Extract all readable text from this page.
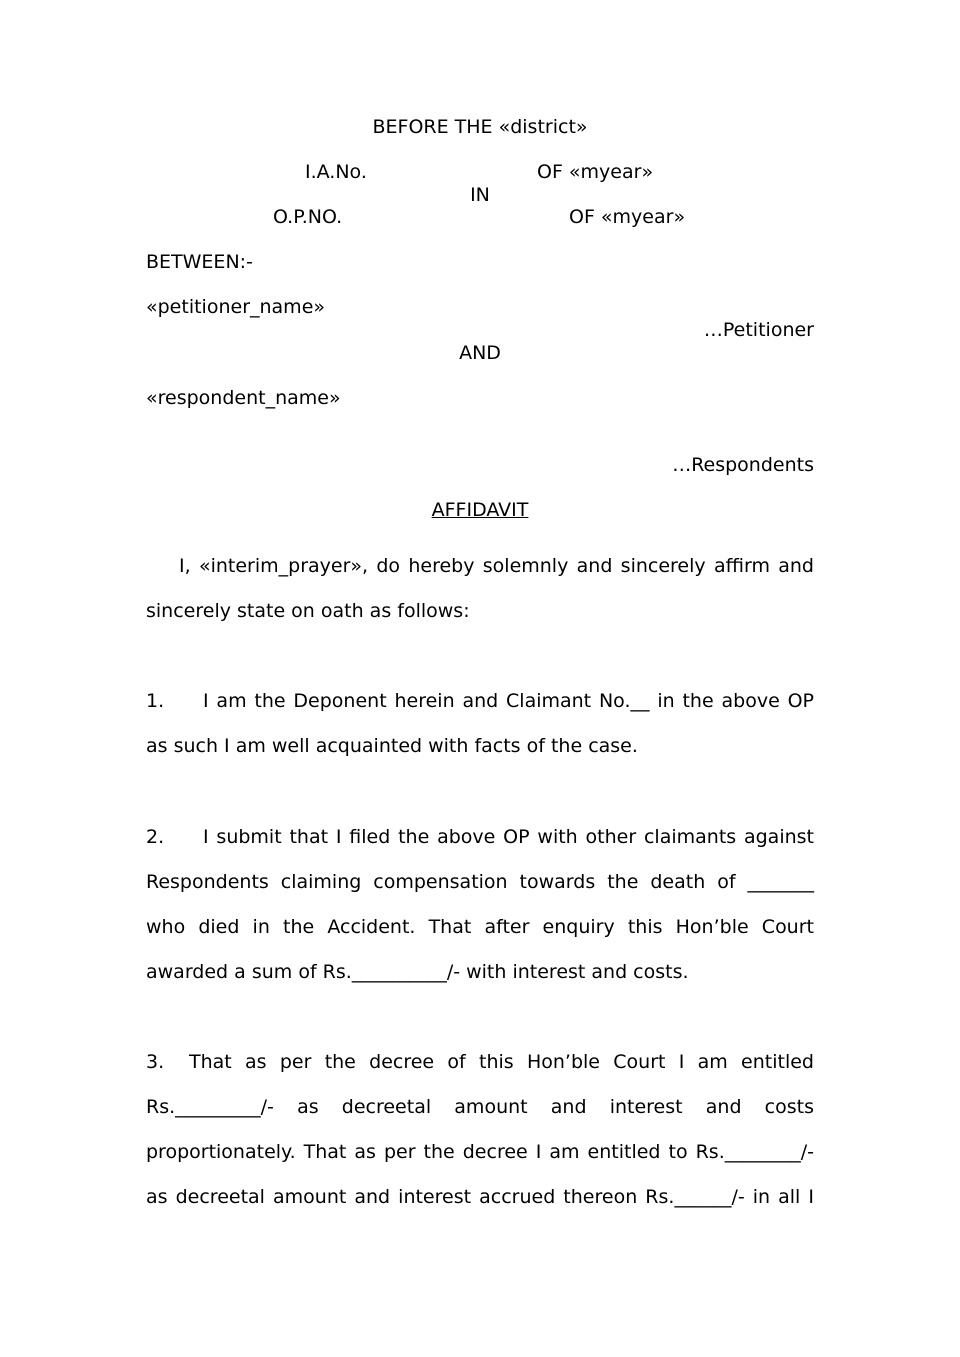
BEFORE THE «district»
I.A.No.	OF «myear»
IN
O.P.NO.	OF «myear»
BETWEEN:-
«petitioner_name»
…Petitioner
AND
«respondent_name»
…Respondents
AFFIDAVIT
I, «interim_prayer», do hereby solemnly and sincerely affirm and sincerely state on oath as follows:
1. I am the Deponent herein and Claimant No.__ in the above OP as such I am well acquainted with facts of the case.
2. I submit that I filed the above OP with other claimants against Respondents claiming compensation towards the death of _______ who died in the Accident. That after enquiry this Hon’ble Court awarded a sum of Rs.__________/- with interest and costs.
3. That as per the decree of this Hon’ble Court I am entitled Rs._________/- as decreetal amount and interest and costs proportionately. That as per the decree I am entitled to Rs.________/- as decreetal amount and interest accrued thereon Rs.______/- in all I
